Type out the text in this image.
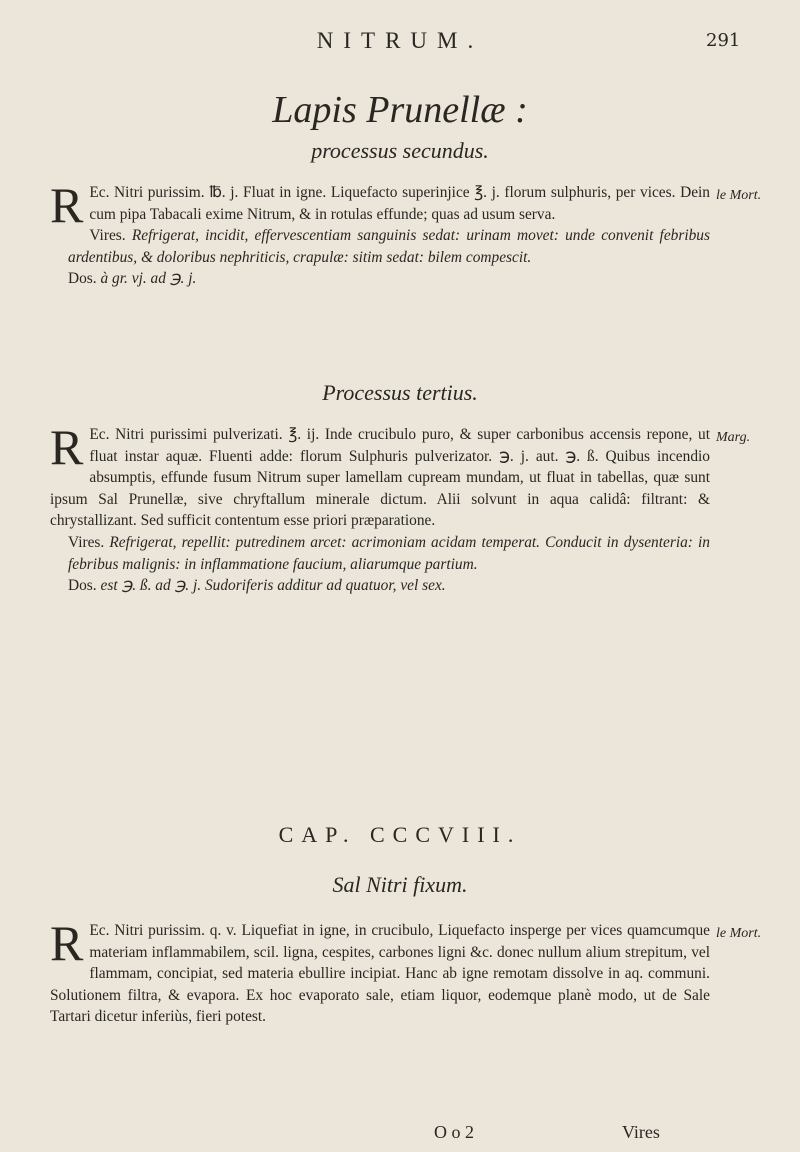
NITRUM.	291
Lapis Prunellæ :
processus secundus.

R Ec. Nitri purissim. ℔. j. Fluat in igne. Liquefacto superinjice ℥. j. florum sulphuris, per vices. Dein cum pipa Tabacali exime Nitrum, & in rotulas effunde; quas ad usum serva.

Vires. Refrigerat, incidit, effervescentiam sanguinis sedat: urinam movet: unde convenit febribus ardentibus, & doloribus nephriticis, crapulæ: sitim sedat: bilem compescit.

Dos. à gr. vj. ad ℈. j.

le Mort.
Processus tertius.

R Ec. Nitri purissimi pulverizati. ℥. ij. Inde crucibulo puro, & super carbonibus accensis repone, ut fluat instar aquæ. Fluenti adde: florum Sulphuris pulverizator. ℈. j. aut. ℈. ß. Quibus incendio absumptis, effunde fusum Nitrum super lamellam cupream mundam, ut fluat in tabellas, quæ sunt ipsum Sal Prunellæ, sive chryftallum minerale dictum. Alii solvunt in aqua calidâ: filtrant: & chrystallizant. Sed sufficit contentum esse priori præparatione.

Vires. Refrigerat, repellit: putredinem arcet: acrimoniam acidam temperat. Conducit in dysenteria: in febribus malignis: in inflammatione faucium, aliarumque partium.

Dos. est ℈. ß. ad ℈. j. Sudoriferis additur ad quatuor, vel sex.

Marg.
CAP. CCCVIII.
Sal Nitri fixum.

R Ec. Nitri purissim. q. v. Liquefiat in igne, in crucibulo, Liquefacto insperge per vices quamcumque materiam inflammabilem, scil. ligna, cespites, carbones ligni &c. donec nullum alium strepitum, vel flammam, concipiat, sed materia ebullire incipiat. Hanc ab igne remotam dissolve in aq. communi. Solutionem filtra, & evapora. Ex hoc evaporato sale, etiam liquor, eodemque planè modo, ut de Sale Tartari dicetur inferiùs, fieri potest.

le Mort.
O o 2	Vires
